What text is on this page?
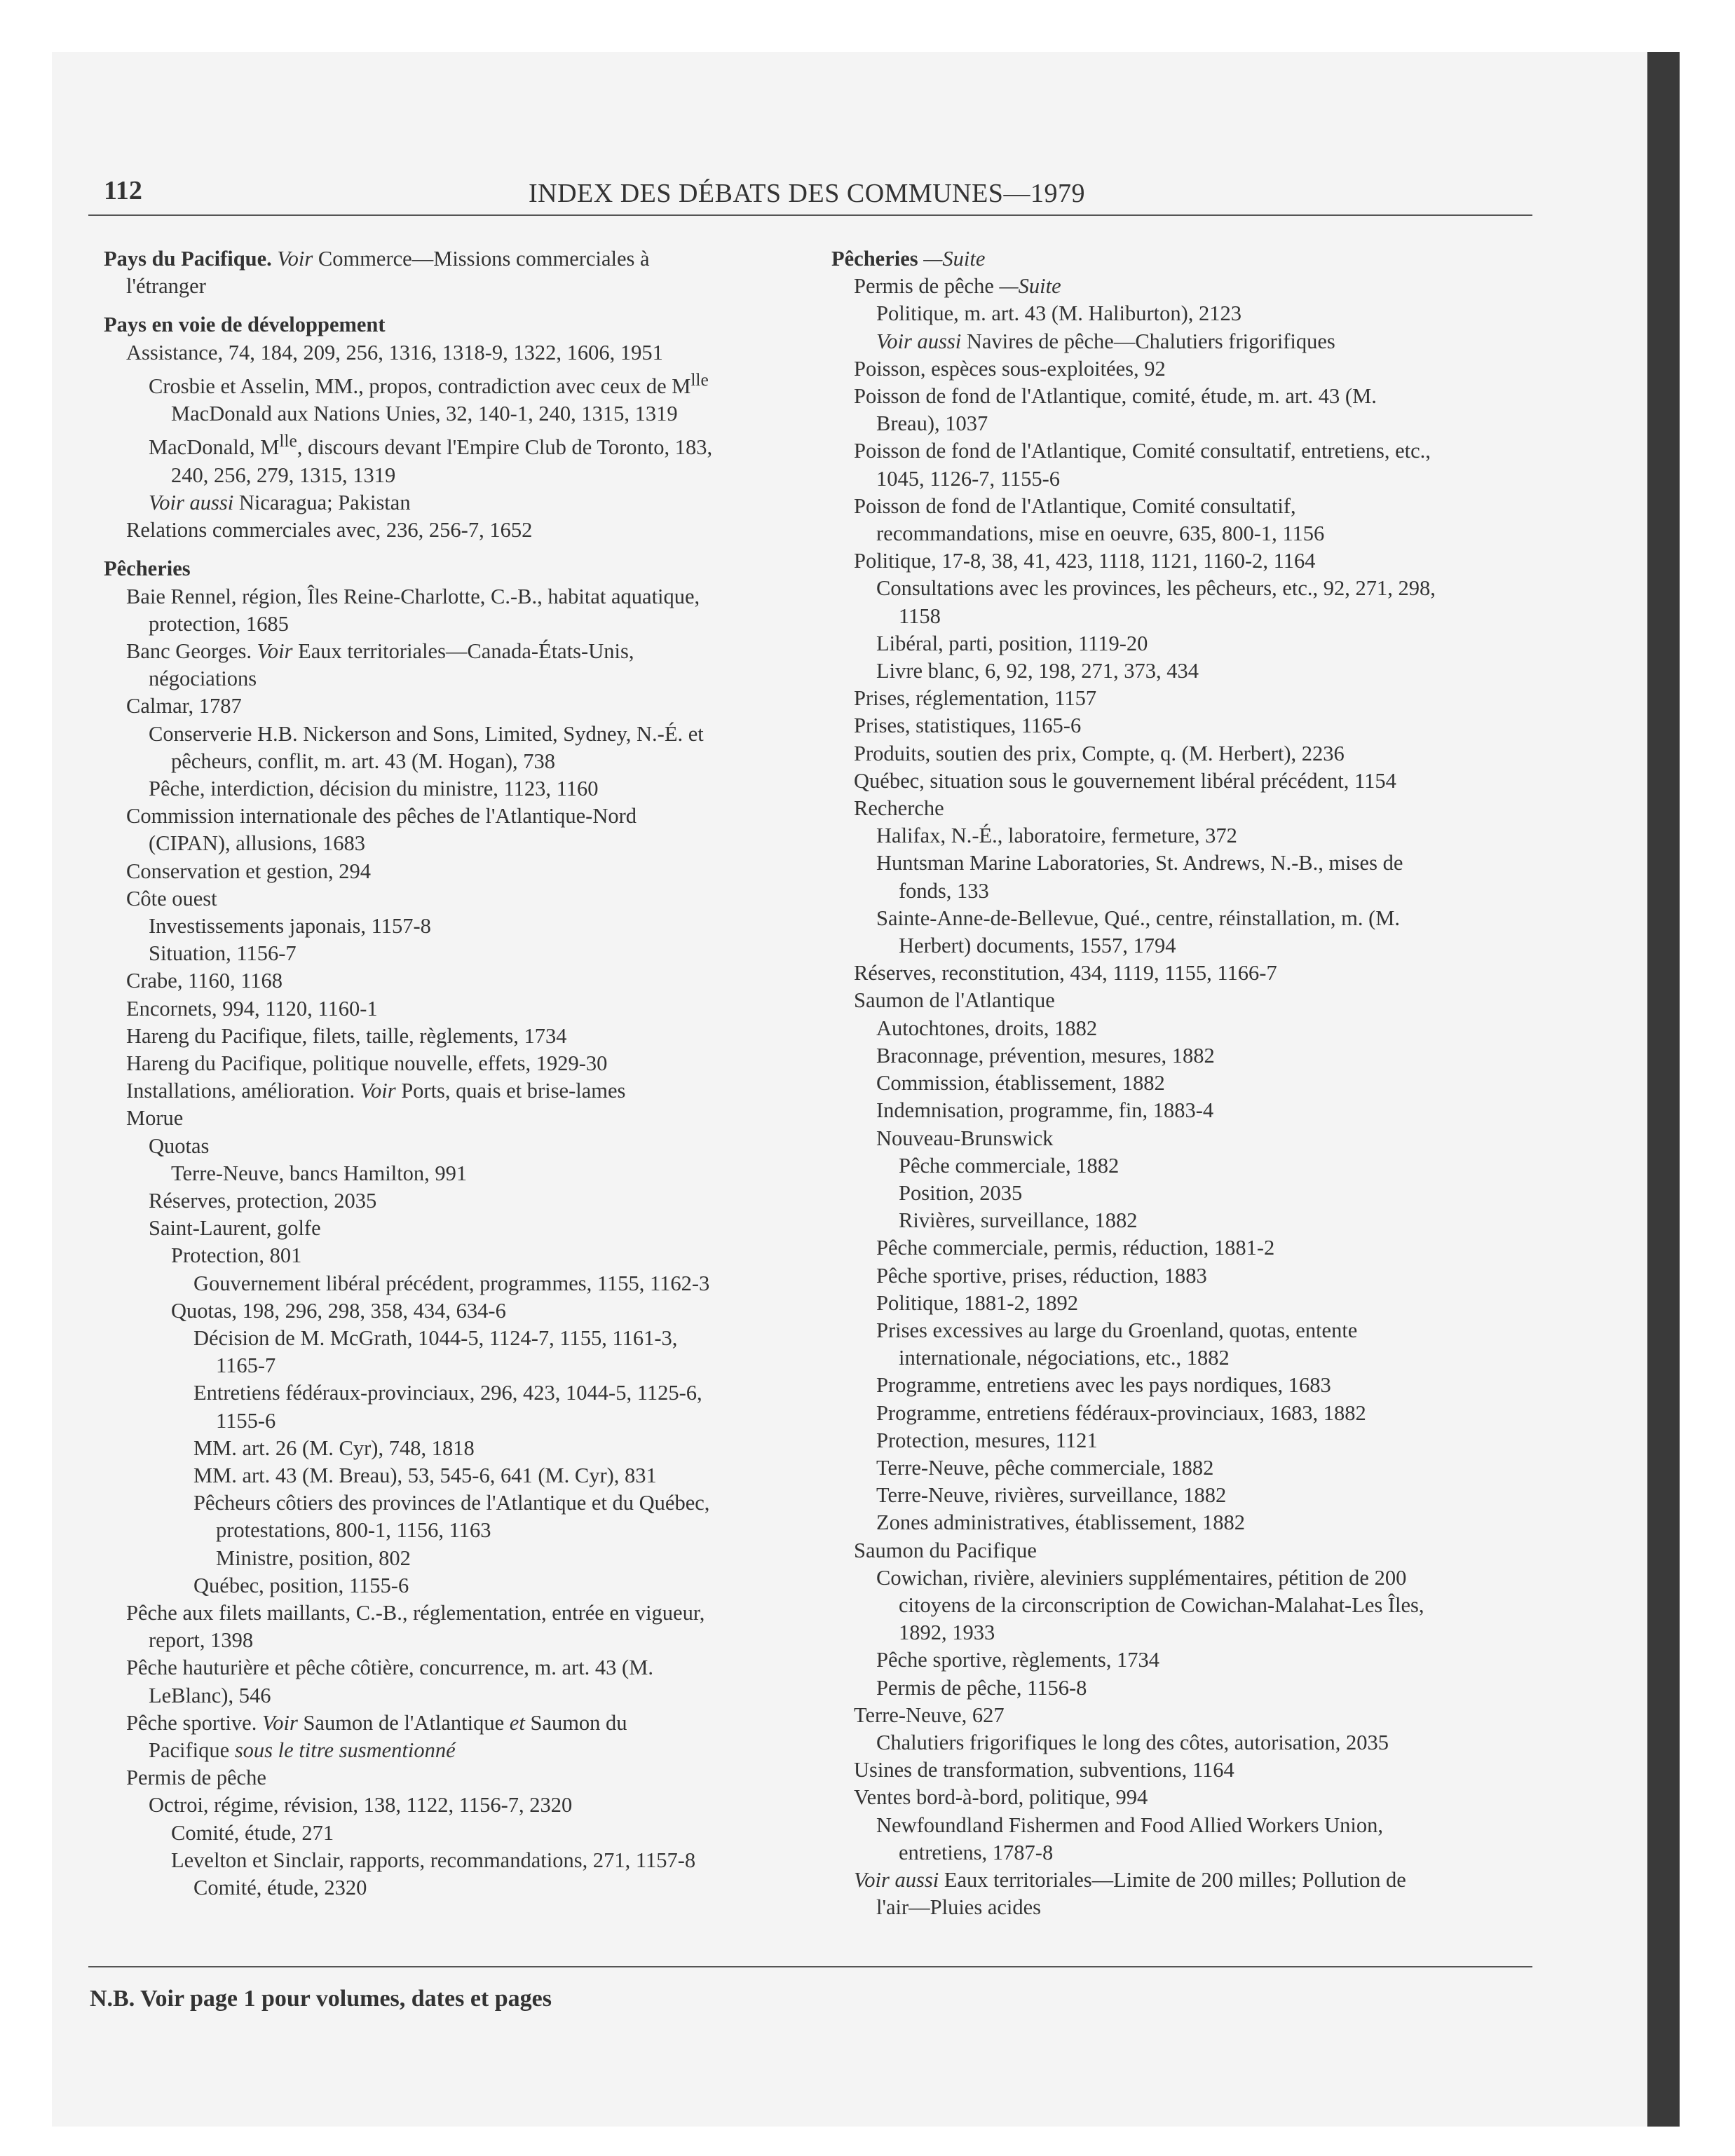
112	INDEX DES DÉBATS DES COMMUNES—1979
Pays du Pacifique. Voir Commerce—Missions commerciales à
l'étranger
Pays en voie de développement
Assistance, 74, 184, 209, 256, 1316, 1318-9, 1322, 1606, 1951
Crosbie et Asselin, MM., propos, contradiction avec ceux de $M^{lle}$
MacDonald aux Nations Unies, 32, 140-1, 240, 1315, 1319
MacDonald, $M^{lle}$, discours devant l'Empire Club de Toronto, 183,
240, 256, 279, 1315, 1319
Voir aussi Nicaragua; Pakistan
Relations commerciales avec, 236, 256-7, 1652
Pêcheries
Baie Rennel, région, Îles Reine-Charlotte, C.-B., habitat aquatique,
protection, 1685
Banc Georges. Voir Eaux territoriales—Canada-États-Unis,
négociations
Calmar, 1787
Conserverie H.B. Nickerson and Sons, Limited, Sydney, N.-É. et
pêcheurs, conflit, m. art. 43 (M. Hogan), 738
Pêche, interdiction, décision du ministre, 1123, 1160
Commission internationale des pêches de l'Atlantique-Nord
(CIPAN), allusions, 1683
Conservation et gestion, 294
Côte ouest
Investissements japonais, 1157-8
Situation, 1156-7
Crabe, 1160, 1168
Encornets, 994, 1120, 1160-1
Hareng du Pacifique, filets, taille, règlements, 1734
Hareng du Pacifique, politique nouvelle, effets, 1929-30
Installations, amélioration. Voir Ports, quais et brise-lames
Morue
Quotas
Terre-Neuve, bancs Hamilton, 991
Réserves, protection, 2035
Saint-Laurent, golfe
Protection, 801
Gouvernement libéral précédent, programmes, 1155, 1162-3
Quotas, 198, 296, 298, 358, 434, 634-6
Décision de M. McGrath, 1044-5, 1124-7, 1155, 1161-3,
1165-7
Entretiens fédéraux-provinciaux, 296, 423, 1044-5, 1125-6,
1155-6
MM. art. 26 (M. Cyr), 748, 1818
MM. art. 43 (M. Breau), 53, 545-6, 641 (M. Cyr), 831
Pêcheurs côtiers des provinces de l'Atlantique et du Québec,
protestations, 800-1, 1156, 1163
Ministre, position, 802
Québec, position, 1155-6
Pêche aux filets maillants, C.-B., réglementation, entrée en vigueur,
report, 1398
Pêche hauturière et pêche côtière, concurrence, m. art. 43 (M.
LeBlanc), 546
Pêche sportive. Voir Saumon de l'Atlantique et Saumon du
Pacifique sous le titre susmentionné
Permis de pêche
Octroi, régime, révision, 138, 1122, 1156-7, 2320
Comité, étude, 271
Levelton et Sinclair, rapports, recommandations, 271, 1157-8
Comité, étude, 2320
Pêcheries —Suite
Permis de pêche —Suite
Politique, m. art. 43 (M. Haliburton), 2123
Voir aussi Navires de pêche—Chalutiers frigorifiques
Poisson, espèces sous-exploitées, 92
Poisson de fond de l'Atlantique, comité, étude, m. art. 43 (M.
Breau), 1037
Poisson de fond de l'Atlantique, Comité consultatif, entretiens, etc.,
1045, 1126-7, 1155-6
Poisson de fond de l'Atlantique, Comité consultatif,
recommandations, mise en oeuvre, 635, 800-1, 1156
Politique, 17-8, 38, 41, 423, 1118, 1121, 1160-2, 1164
Consultations avec les provinces, les pêcheurs, etc., 92, 271, 298,
1158
Libéral, parti, position, 1119-20
Livre blanc, 6, 92, 198, 271, 373, 434
Prises, réglementation, 1157
Prises, statistiques, 1165-6
Produits, soutien des prix, Compte, q. (M. Herbert), 2236
Québec, situation sous le gouvernement libéral précédent, 1154
Recherche
Halifax, N.-É., laboratoire, fermeture, 372
Huntsman Marine Laboratories, St. Andrews, N.-B., mises de
fonds, 133
Sainte-Anne-de-Bellevue, Qué., centre, réinstallation, m. (M.
Herbert) documents, 1557, 1794
Réserves, reconstitution, 434, 1119, 1155, 1166-7
Saumon de l'Atlantique
Autochtones, droits, 1882
Braconnage, prévention, mesures, 1882
Commission, établissement, 1882
Indemnisation, programme, fin, 1883-4
Nouveau-Brunswick
Pêche commerciale, 1882
Position, 2035
Rivières, surveillance, 1882
Pêche commerciale, permis, réduction, 1881-2
Pêche sportive, prises, réduction, 1883
Politique, 1881-2, 1892
Prises excessives au large du Groenland, quotas, entente
internationale, négociations, etc., 1882
Programme, entretiens avec les pays nordiques, 1683
Programme, entretiens fédéraux-provinciaux, 1683, 1882
Protection, mesures, 1121
Terre-Neuve, pêche commerciale, 1882
Terre-Neuve, rivières, surveillance, 1882
Zones administratives, établissement, 1882
Saumon du Pacifique
Cowichan, rivière, aleviniers supplémentaires, pétition de 200
citoyens de la circonscription de Cowichan-Malahat-Les Îles,
1892, 1933
Pêche sportive, règlements, 1734
Permis de pêche, 1156-8
Terre-Neuve, 627
Chalutiers frigorifiques le long des côtes, autorisation, 2035
Usines de transformation, subventions, 1164
Ventes bord-à-bord, politique, 994
Newfoundland Fishermen and Food Allied Workers Union,
entretiens, 1787-8
Voir aussi Eaux territoriales—Limite de 200 milles; Pollution de
l'air—Pluies acides
N.B. Voir page 1 pour volumes, dates et pages
